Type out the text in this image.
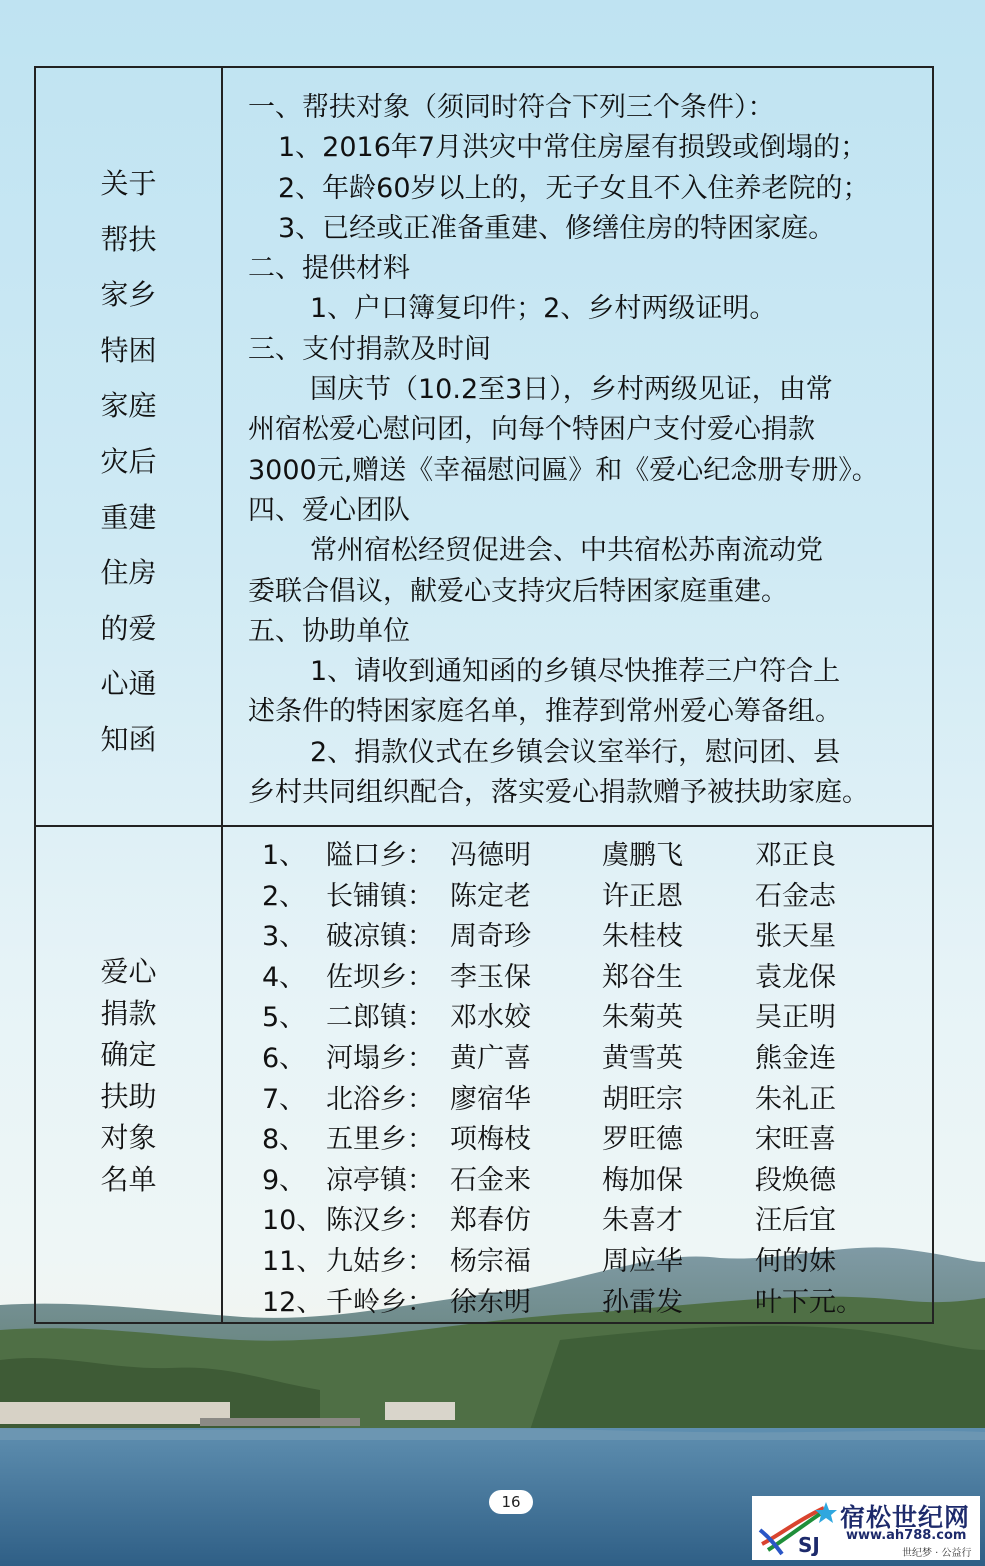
关于
帮扶
家乡
特困
家庭
灾后
重建
住房
的爱
心通
知函

一、帮扶对象（须同时符合下列三个条件）：

1、2016年7月洪灾中常住房屋有损毁或倒塌的；

2、年龄60岁以上的，无子女且不入住养老院的；

3、已经或正准备重建、修缮住房的特困家庭。

二、提供材料

1、户口簿复印件；2、乡村两级证明。

三、支付捐款及时间

国庆节（10.2至3日），乡村两级见证，由常

州宿松爱心慰问团，向每个特困户支付爱心捐款

3000元,赠送《幸福慰问匾》和《爱心纪念册专册》。

四、爱心团队

常州宿松经贸促进会、中共宿松苏南流动党

委联合倡议，献爱心支持灾后特困家庭重建。

五、协助单位

1、请收到通知函的乡镇尽快推荐三户符合上

述条件的特困家庭名单，推荐到常州爱心筹备组。

2、捐款仪式在乡镇会议室举行，慰问团、县

乡村共同组织配合，落实爱心捐款赠予被扶助家庭。

爱心
捐款
确定
扶助
对象
名单
1、 隘口乡： 冯德明	虞鹏飞	邓正良
2、 长铺镇： 陈定老	许正恩	石金志
3、 破凉镇： 周奇珍	朱桂枝	张天星
4、 佐坝乡： 李玉保	郑谷生	袁龙保
5、 二郎镇： 邓水姣	朱菊英	吴正明
6、 河塌乡： 黄广喜	黄雪英	熊金连
7、 北浴乡： 廖宿华	胡旺宗	朱礼正
8、 五里乡： 项梅枝	罗旺德	宋旺喜
9、 凉亭镇： 石金来	梅加保	段焕德
10、 陈汉乡： 郑春仿	朱喜才	汪后宜
11、 九姑乡： 杨宗福	周应华	何的妹
12、 千岭乡： 徐东明	孙雷发	叶下元。
16
SJ
宿松世纪网
www.ah788.com
世纪梦 · 公益行
